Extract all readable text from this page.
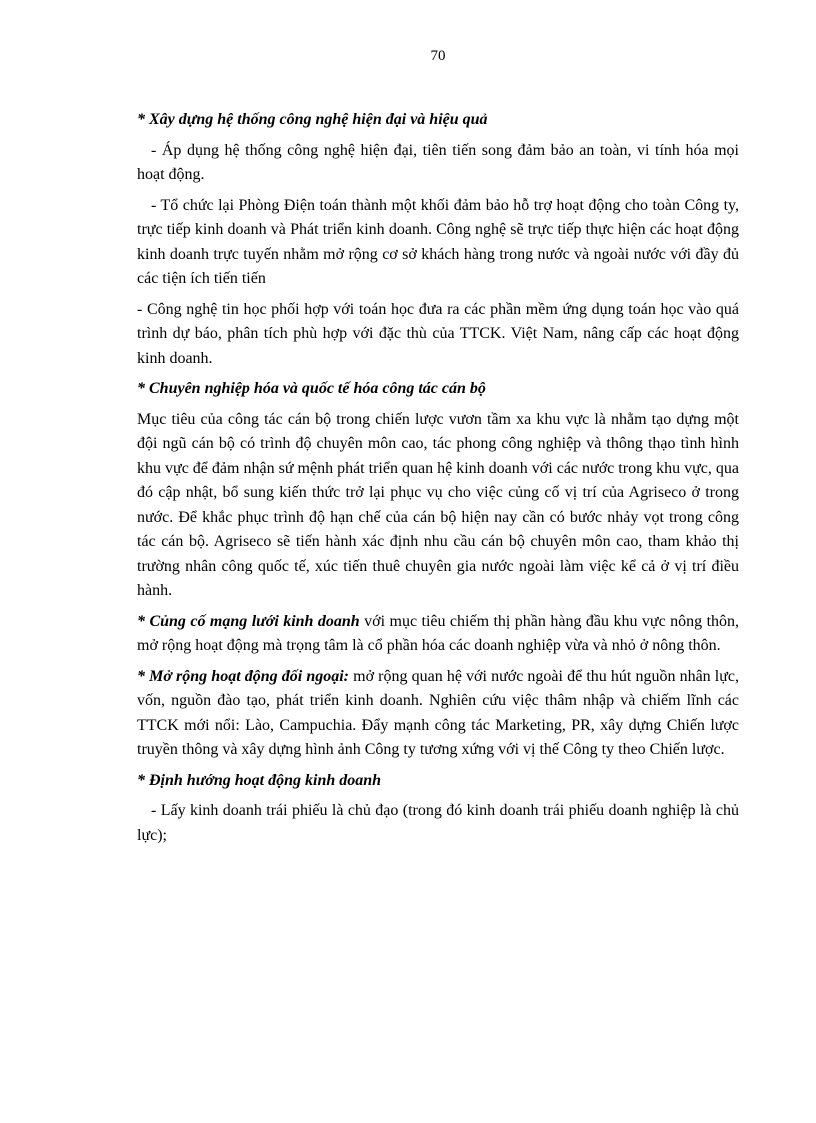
70

* Xây dựng hệ thống công nghệ hiện đại và hiệu quả

- Áp dụng hệ thống công nghệ hiện đại, tiên tiến song đảm bảo an toàn, vi tính hóa mọi hoạt động.

- Tổ chức lại Phòng Điện toán thành một khối đảm bảo hỗ trợ hoạt động cho toàn Công ty, trực tiếp kinh doanh và Phát triển kinh doanh. Công nghệ sẽ trực tiếp thực hiện các hoạt động kinh doanh trực tuyến nhằm mở rộng cơ sở khách hàng trong nước và ngoài nước với đầy đủ các tiện ích tiến tiến

- Công nghệ tin học phối hợp với toán học đưa ra các phần mềm ứng dụng toán học vào quá trình dự báo, phân tích phù hợp với đặc thù của TTCK. Việt Nam, nâng cấp các hoạt động kinh doanh.

* Chuyên nghiệp hóa và quốc tế hóa công tác cán bộ

Mục tiêu của công tác cán bộ trong chiến lược vươn tầm xa khu vực là nhằm tạo dựng một đội ngũ cán bộ có trình độ chuyên môn cao, tác phong công nghiệp và thông thạo tình hình khu vực để đảm nhận sứ mệnh phát triển quan hệ kinh doanh với các nước trong khu vực, qua đó cập nhật, bổ sung kiến thức trở lại phục vụ cho việc củng cố vị trí của Agriseco ở trong nước. Để khắc phục trình độ hạn chế của cán bộ hiện nay cần có bước nhảy vọt trong công tác cán bộ. Agriseco sẽ tiến hành xác định nhu cầu cán bộ chuyên môn cao, tham khảo thị trường nhân công quốc tế, xúc tiến thuê chuyên gia nước ngoài làm việc kể cả ở vị trí điều hành.

* Củng cố mạng lưới kinh doanh với mục tiêu chiếm thị phần hàng đầu khu vực nông thôn, mở rộng hoạt động mà trọng tâm là cổ phần hóa các doanh nghiệp vừa và nhỏ ở nông thôn.

* Mở rộng hoạt động đối ngoại: mở rộng quan hệ với nước ngoài để thu hút nguồn nhân lực, vốn, nguồn đào tạo, phát triển kinh doanh. Nghiên cứu việc thâm nhập và chiếm lĩnh các TTCK mới nổi: Lào, Campuchia. Đẩy mạnh công tác Marketing, PR, xây dựng Chiến lược truyền thông và xây dựng hình ảnh Công ty tương xứng với vị thế Công ty theo Chiến lược.

* Định hướng hoạt động kinh doanh

- Lấy kinh doanh trái phiếu là chủ đạo (trong đó kinh doanh trái phiếu doanh nghiệp là chủ lực);
